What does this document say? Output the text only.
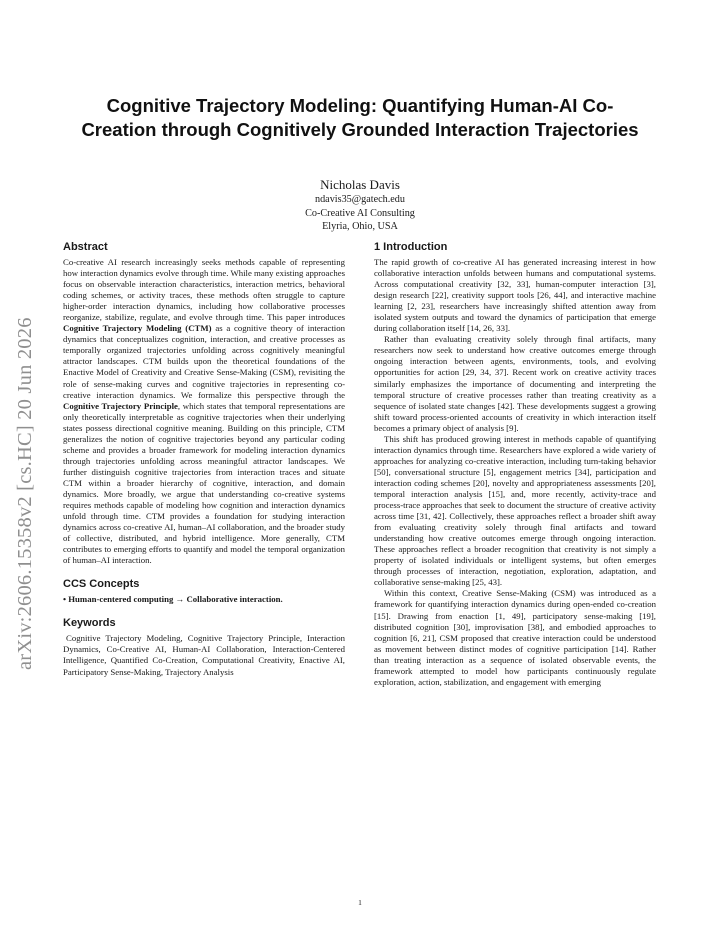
arXiv:2606.15358v2 [cs.HC] 20 Jun 2026
Cognitive Trajectory Modeling: Quantifying Human-AI Co-Creation through Cognitively Grounded Interaction Trajectories
Nicholas Davis
ndavis35@gatech.edu
Co-Creative AI Consulting
Elyria, Ohio, USA
Abstract

Co-creative AI research increasingly seeks methods capable of representing how interaction dynamics evolve through time. While many existing approaches focus on observable interaction characteristics, interaction metrics, behavioral coding schemes, or activity traces, these methods often struggle to capture higher-order interaction dynamics, including how collaborative processes reorganize, stabilize, regulate, and evolve through time. This paper introduces Cognitive Trajectory Modeling (CTM) as a cognitive theory of interaction dynamics that conceptualizes cognition, interaction, and creative processes as temporally organized trajectories unfolding across cognitively meaningful attractor landscapes. CTM builds upon the theoretical foundations of the Enactive Model of Creativity and Creative Sense-Making (CSM), revisiting the role of sense-making curves and cognitive trajectories in representing co-creative interaction dynamics. We formalize this perspective through the Cognitive Trajectory Principle, which states that temporal representations are only theoretically interpretable as cognitive trajectories when their underlying states possess directional cognitive meaning. Building on this principle, CTM generalizes the notion of cognitive trajectories beyond any particular coding scheme and provides a broader framework for modeling interaction dynamics through trajectories unfolding across meaningful attractor landscapes. We further distinguish cognitive trajectories from interaction traces and situate CTM within a broader hierarchy of cognitive, interaction, and domain dynamics. More broadly, we argue that understanding co-creative systems requires methods capable of modeling how cognition and interaction dynamics unfold through time. CTM provides a foundation for studying interaction dynamics across co-creative AI, human–AI collaboration, and the broader study of collective, distributed, and hybrid intelligence. More generally, CTM contributes to emerging efforts to quantify and model the temporal organization of human–AI interaction.

CCS Concepts

• Human-centered computing → Collaborative interaction.

Keywords

Cognitive Trajectory Modeling, Cognitive Trajectory Principle, Interaction Dynamics, Co-Creative AI, Human-AI Collaboration, Interaction-Centered Intelligence, Quantified Co-Creation, Computational Creativity, Enactive AI, Participatory Sense-Making, Trajectory Analysis

1 Introduction

The rapid growth of co-creative AI has generated increasing interest in how collaborative interaction unfolds between humans and computational systems. Across computational creativity [32, 33], human-computer interaction [3], design research [22], creativity support tools [26, 44], and interactive machine learning [2, 23], researchers have increasingly shifted attention away from isolated system outputs and toward the dynamics of participation that emerge during collaboration itself [14, 26, 33].

Rather than evaluating creativity solely through final artifacts, many researchers now seek to understand how creative outcomes emerge through ongoing interaction between agents, environments, tools, and evolving opportunities for action [29, 34, 37]. Recent work on creative activity traces similarly emphasizes the importance of documenting and interpreting the temporal structure of creative processes rather than treating creativity as a sequence of isolated state changes [42]. These developments suggest a growing shift toward process-oriented accounts of creativity in which interaction itself becomes a primary object of analysis [9].

This shift has produced growing interest in methods capable of quantifying interaction dynamics through time. Researchers have explored a wide variety of approaches for analyzing co-creative interaction, including turn-taking behavior [50], conversational structure [5], engagement metrics [34], participation and interaction coding schemes [20], novelty and appropriateness assessments [20], temporal interaction analysis [15], and, more recently, activity-trace and process-trace approaches that seek to document the structure of creative activity across time [31, 42]. Collectively, these approaches reflect a broader shift away from evaluating creativity solely through final artifacts and toward understanding how creative outcomes emerge through ongoing interaction. These approaches reflect a broader recognition that creativity is not simply a property of isolated individuals or intelligent systems, but often emerges through processes of interaction, negotiation, exploration, adaptation, and collaborative sense-making [25, 43].

Within this context, Creative Sense-Making (CSM) was introduced as a framework for quantifying interaction dynamics during open-ended co-creation [15]. Drawing from enaction [1, 49], participatory sense-making [19], distributed cognition [30], improvisation [38], and embodied approaches to cognition [6, 21], CSM proposed that creative interaction could be understood as movement between distinct modes of cognitive participation [14]. Rather than treating interaction as a sequence of isolated observable events, the framework attempted to model how participants continuously regulate exploration, action, stabilization, and engagement with emerging

1
